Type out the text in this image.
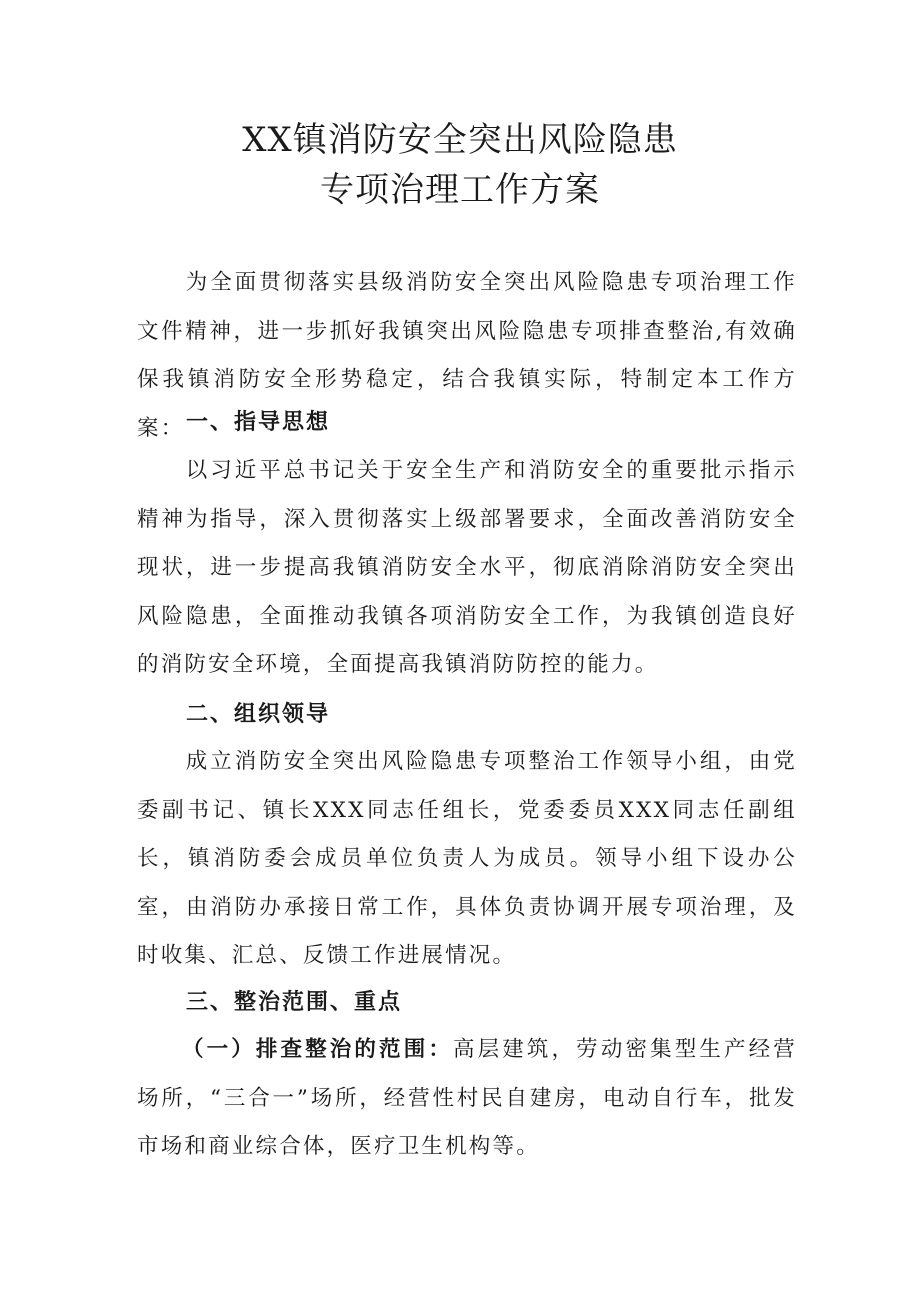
XX镇消防安全突出风险隐患
专项治理工作方案

为全面贯彻落实县级消防安全突出风险隐患专项治理工作文件精神，进一步抓好我镇突出风险隐患专项排查整治,有效确保我镇消防安全形势稳定，结合我镇实际，特制定本工作方案： 一、指导思想

以习近平总书记关于安全生产和消防安全的重要批示指示精神为指导，深入贯彻落实上级部署要求，全面改善消防安全现状，进一步提高我镇消防安全水平，彻底消除消防安全突出风险隐患，全面推动我镇各项消防安全工作，为我镇创造良好的消防安全环境，全面提高我镇消防防控的能力。

二、组织领导

成立消防安全突出风险隐患专项整治工作领导小组，由党委副书记、镇长XXX同志任组长，党委委员XXX同志任副组长，镇消防委会成员单位负责人为成员。领导小组下设办公室，由消防办承接日常工作，具体负责协调开展专项治理，及时收集、汇总、反馈工作进展情况。

三、整治范围、重点

（一）排查整治的范围：高层建筑，劳动密集型生产经营场所，“三合一”场所，经营性村民自建房，电动自行车，批发市场和商业综合体，医疗卫生机构等。
